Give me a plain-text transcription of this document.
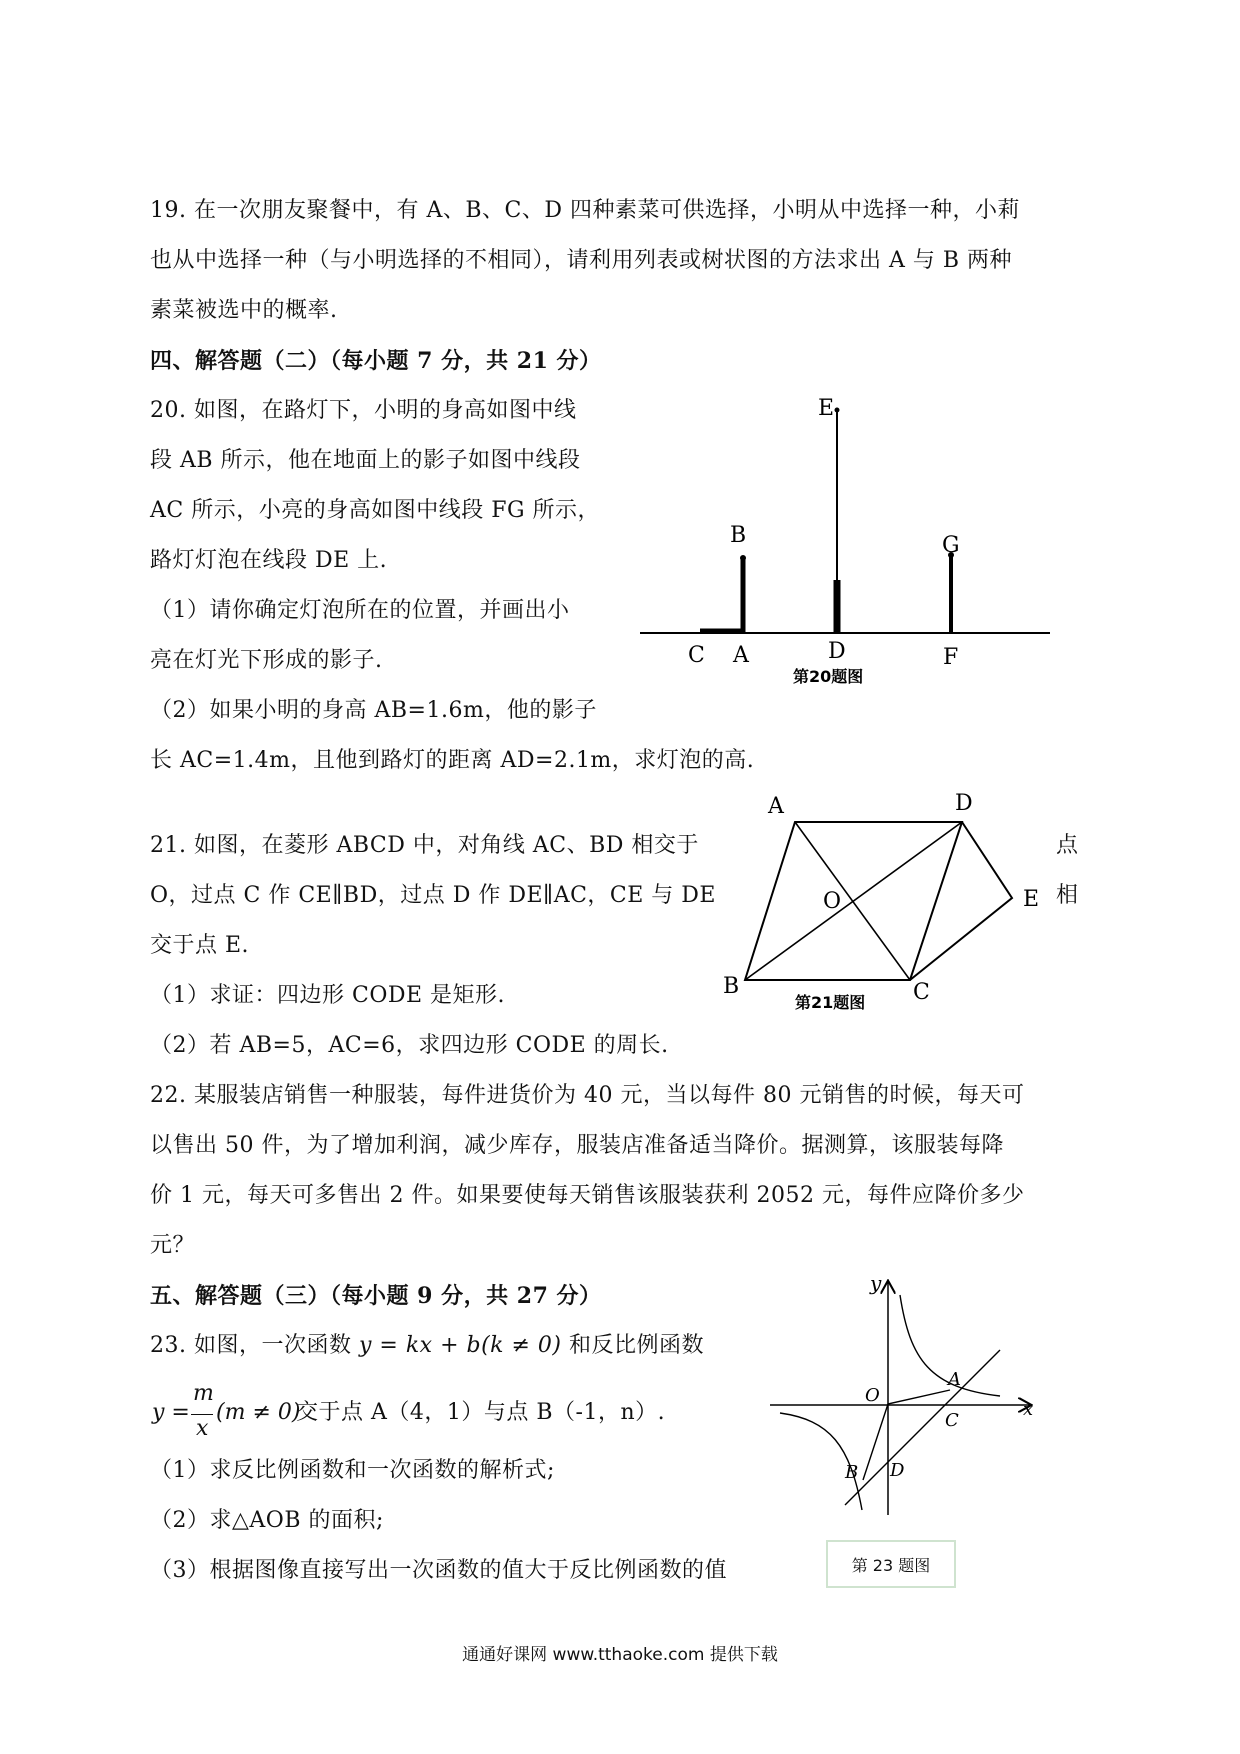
19. 在一次朋友聚餐中，有 A、B、C、D 四种素菜可供选择，小明从中选择一种，小莉
也从中选择一种（与小明选择的不相同），请利用列表或树状图的方法求出 A 与 B 两种
素菜被选中的概率.
四、解答题（二）（每小题 7 分，共 21 分）
20. 如图，在路灯下，小明的身高如图中线
段 AB 所示，他在地面上的影子如图中线段
AC 所示，小亮的身高如图中线段 FG 所示，
路灯灯泡在线段 DE 上.
（1）请你确定灯泡所在的位置，并画出小
亮在灯光下形成的影子.
（2）如果小明的身高 AB=1.6m，他的影子
长 AC=1.4m，且他到路灯的距离 AD=2.1m，求灯泡的高.
E
B	G
C A	D	F
第20题图
21. 如图，在菱形 ABCD 中，对角线 AC、BD 相交于	点
O，过点 C 作 CE∥BD，过点 D 作 DE∥AC，CE 与 DE	相
交于点 E.
（1）求证：四边形 CODE 是矩形.
（2）若 AB=5，AC=6，求四边形 CODE 的周长.
A	D
O	E
B	C
第21题图
22. 某服装店销售一种服装，每件进货价为 40 元，当以每件 80 元销售的时候，每天可
以售出 50 件，为了增加利润，减少库存，服装店准备适当降价。据测算，该服装每降
价 1 元，每天可多售出 2 件。如果要使每天销售该服装获利 2052 元，每件应降价多少
元？
五、解答题（三）（每小题 9 分，共 27 分）
23. 如图，一次函数 y = kx + b(k ≠ 0) 和反比例函数
y =
m
x
(m ≠ 0)
交于点 A（4，1）与点 B（-1，n）.
（1）求反比例函数和一次函数的解析式;
（2）求△AOB 的面积;
（3）根据图像直接写出一次函数的值大于反比例函数的值
y
x
O
A
C
B D
第 23 题图
通通好课网 www.tthaoke.com 提供下载
